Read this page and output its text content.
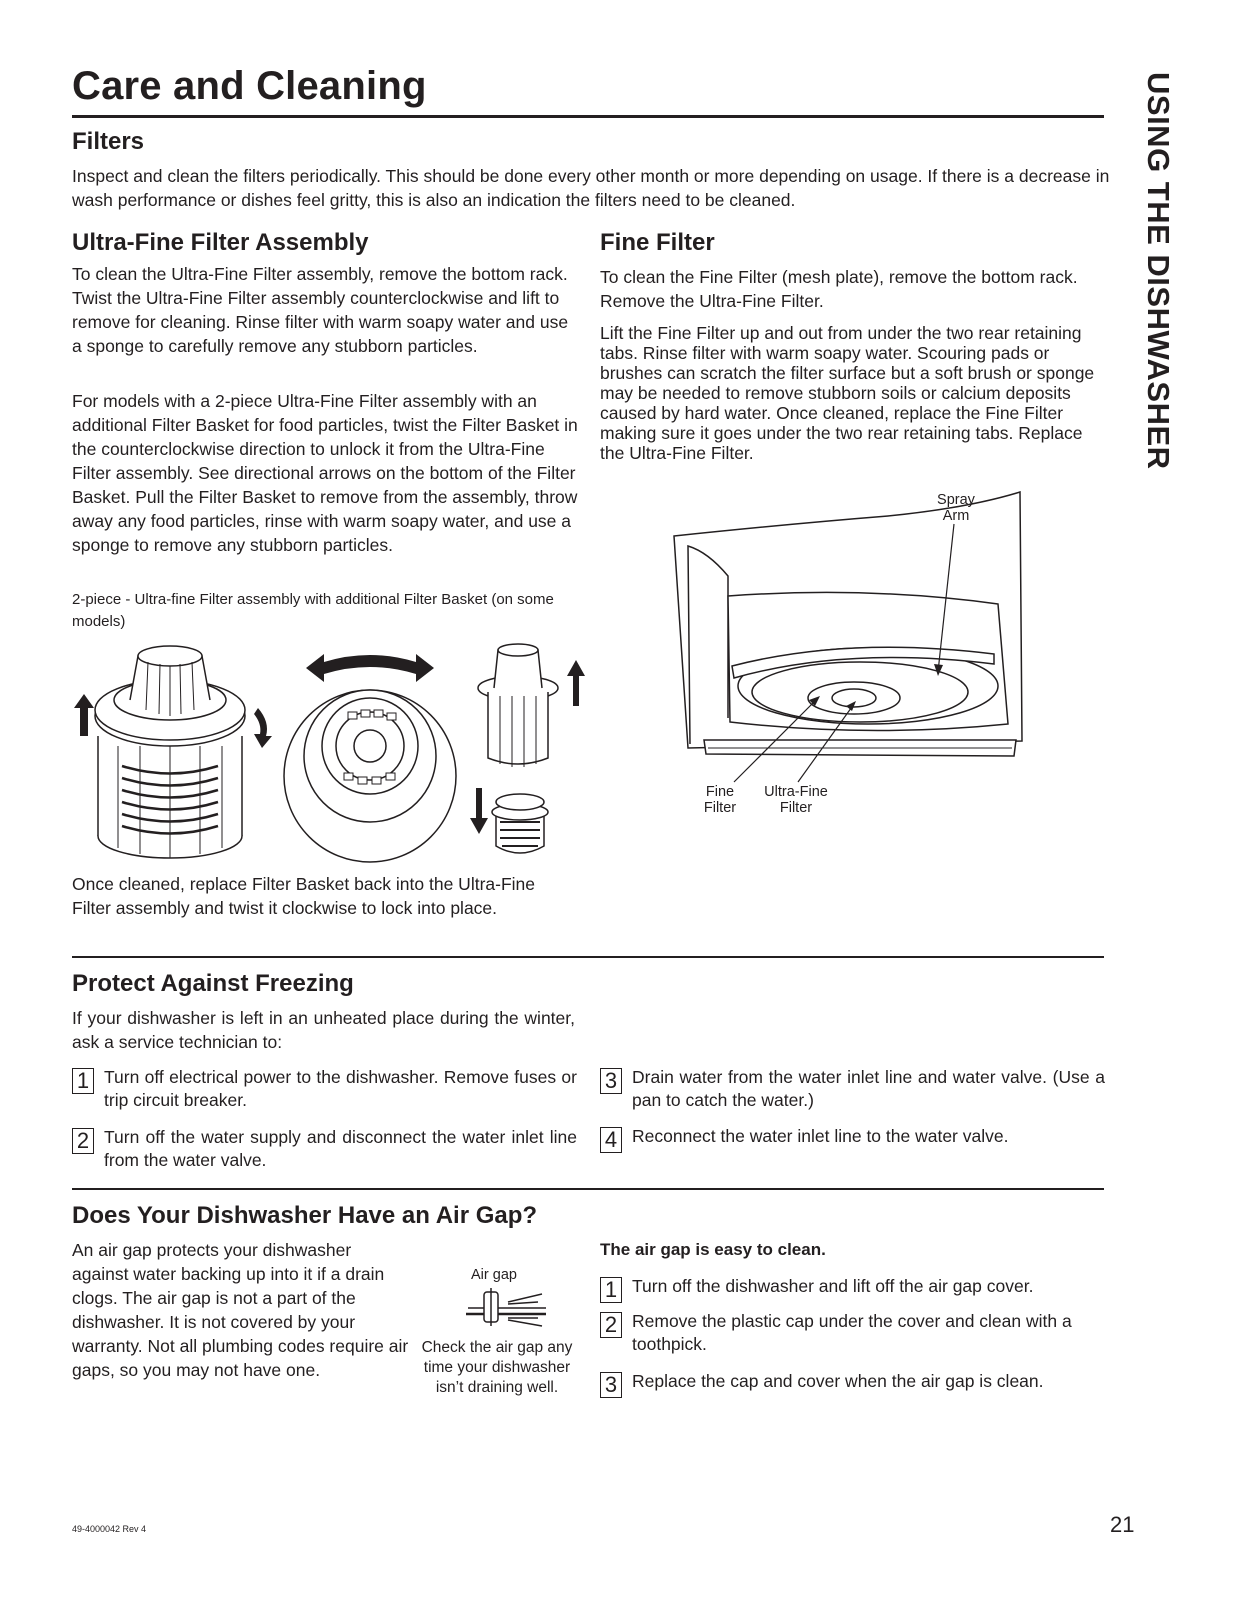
Care and Cleaning	USING THE DISHWASHER
Filters
Inspect and clean the filters periodically. This should be done every other month or more depending on usage. If there is a decrease in wash performance or dishes feel gritty, this is also an indication the filters need to be cleaned.
Ultra-Fine Filter Assembly
To clean the Ultra-Fine Filter assembly, remove the bottom rack. Twist the Ultra-Fine Filter assembly counterclockwise and lift to remove for cleaning. Rinse filter with warm soapy water and use a sponge to carefully remove any stubborn particles.
For models with a 2-piece Ultra-Fine Filter assembly with an additional Filter Basket for food particles, twist the Filter Basket in the counterclockwise direction to unlock it from the Ultra-Fine Filter assembly. See directional arrows on the bottom of the Filter Basket. Pull the Filter Basket to remove from the assembly, throw away any food particles, rinse with warm soapy water, and use a sponge to remove any stubborn particles.
2-piece - Ultra-fine Filter assembly with additional Filter Basket (on some models)
Once cleaned, replace Filter Basket back into the Ultra-Fine Filter assembly and twist it clockwise to lock into place.
Fine Filter
To clean the Fine Filter (mesh plate), remove the bottom rack. Remove the Ultra-Fine Filter.
Lift the Fine Filter up and out from under the two rear retaining tabs. Rinse filter with warm soapy water. Scouring pads or brushes can scratch the filter surface but a soft brush or sponge may be needed to remove stubborn soils or calcium deposits caused by hard water. Once cleaned, replace the Fine Filter making sure it goes under the two rear retaining tabs. Replace the Ultra-Fine Filter.
Spray
Arm
Fine
Filter
Ultra-Fine
Filter
Protect Against Freezing
If your dishwasher is left in an unheated place during the winter, ask a service technician to:
1 Turn off electrical power to the dishwasher. Remove fuses or trip circuit breaker.
2 Turn off the water supply and disconnect the water inlet line from the water valve.
3 Drain water from the water inlet line and water valve. (Use a pan to catch the water.)
4 Reconnect the water inlet line to the water valve.
Does Your Dishwasher Have an Air Gap?
An air gap protects your dishwasher against water backing up into it if a drain clogs. The air gap is not a part of the dishwasher. It is not covered by your warranty. Not all plumbing codes require air gaps, so you may not have one.
Air gap
Check the air gap any
time your dishwasher
isn’t draining well.
The air gap is easy to clean.
1 Turn off the dishwasher and lift off the air gap cover.
2 Remove the plastic cap under the cover and clean with a toothpick.
3 Replace the cap and cover when the air gap is clean.
49-4000042 Rev 4	21
